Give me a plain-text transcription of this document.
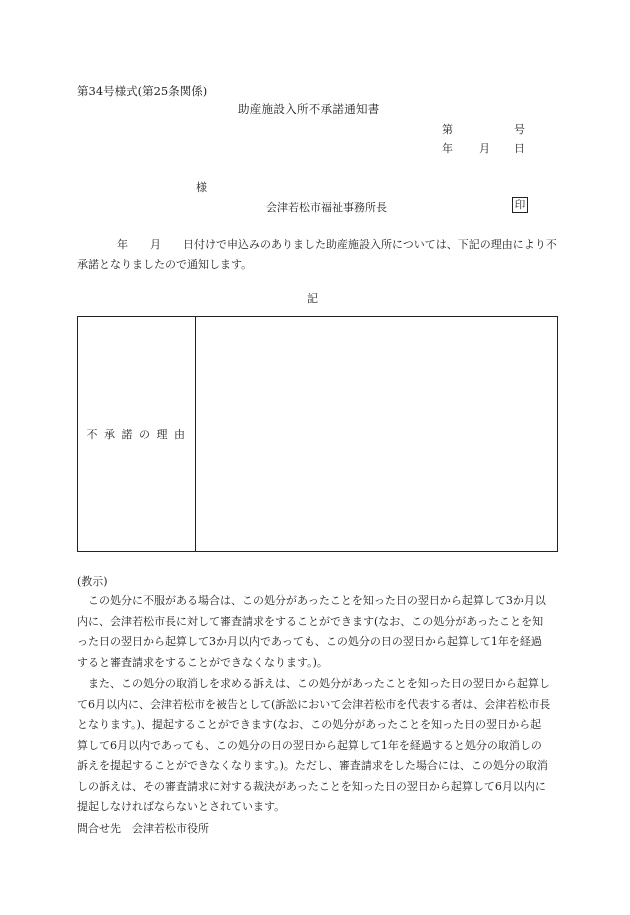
第34号様式(第25条関係)
助産施設入所不承諾通知書
第	号
年 月 日
様
会津若松市福祉事務所長	印
年　　月　　日付けで申込みのありました助産施設入所については、下記の理由により不承諾となりましたので通知します。
記
不承諾の理由
(教示)
この処分に不服がある場合は、この処分があったことを知った日の翌日から起算して3か月以内に、会津若松市長に対して審査請求をすることができます(なお、この処分があったことを知った日の翌日から起算して3か月以内であっても、この処分の日の翌日から起算して1年を経過すると審査請求をすることができなくなります。)。
また、この処分の取消しを求める訴えは、この処分があったことを知った日の翌日から起算して6月以内に、会津若松市を被告として(訴訟において会津若松市を代表する者は、会津若松市長となります。)、提起することができます(なお、この処分があったことを知った日の翌日から起算して6月以内であっても、この処分の日の翌日から起算して1年を経過すると処分の取消しの訴えを提起することができなくなります。)。ただし、審査請求をした場合には、この処分の取消しの訴えは、その審査請求に対する裁決があったことを知った日の翌日から起算して6月以内に提起しなければならないとされています。
問合せ先　会津若松市役所
